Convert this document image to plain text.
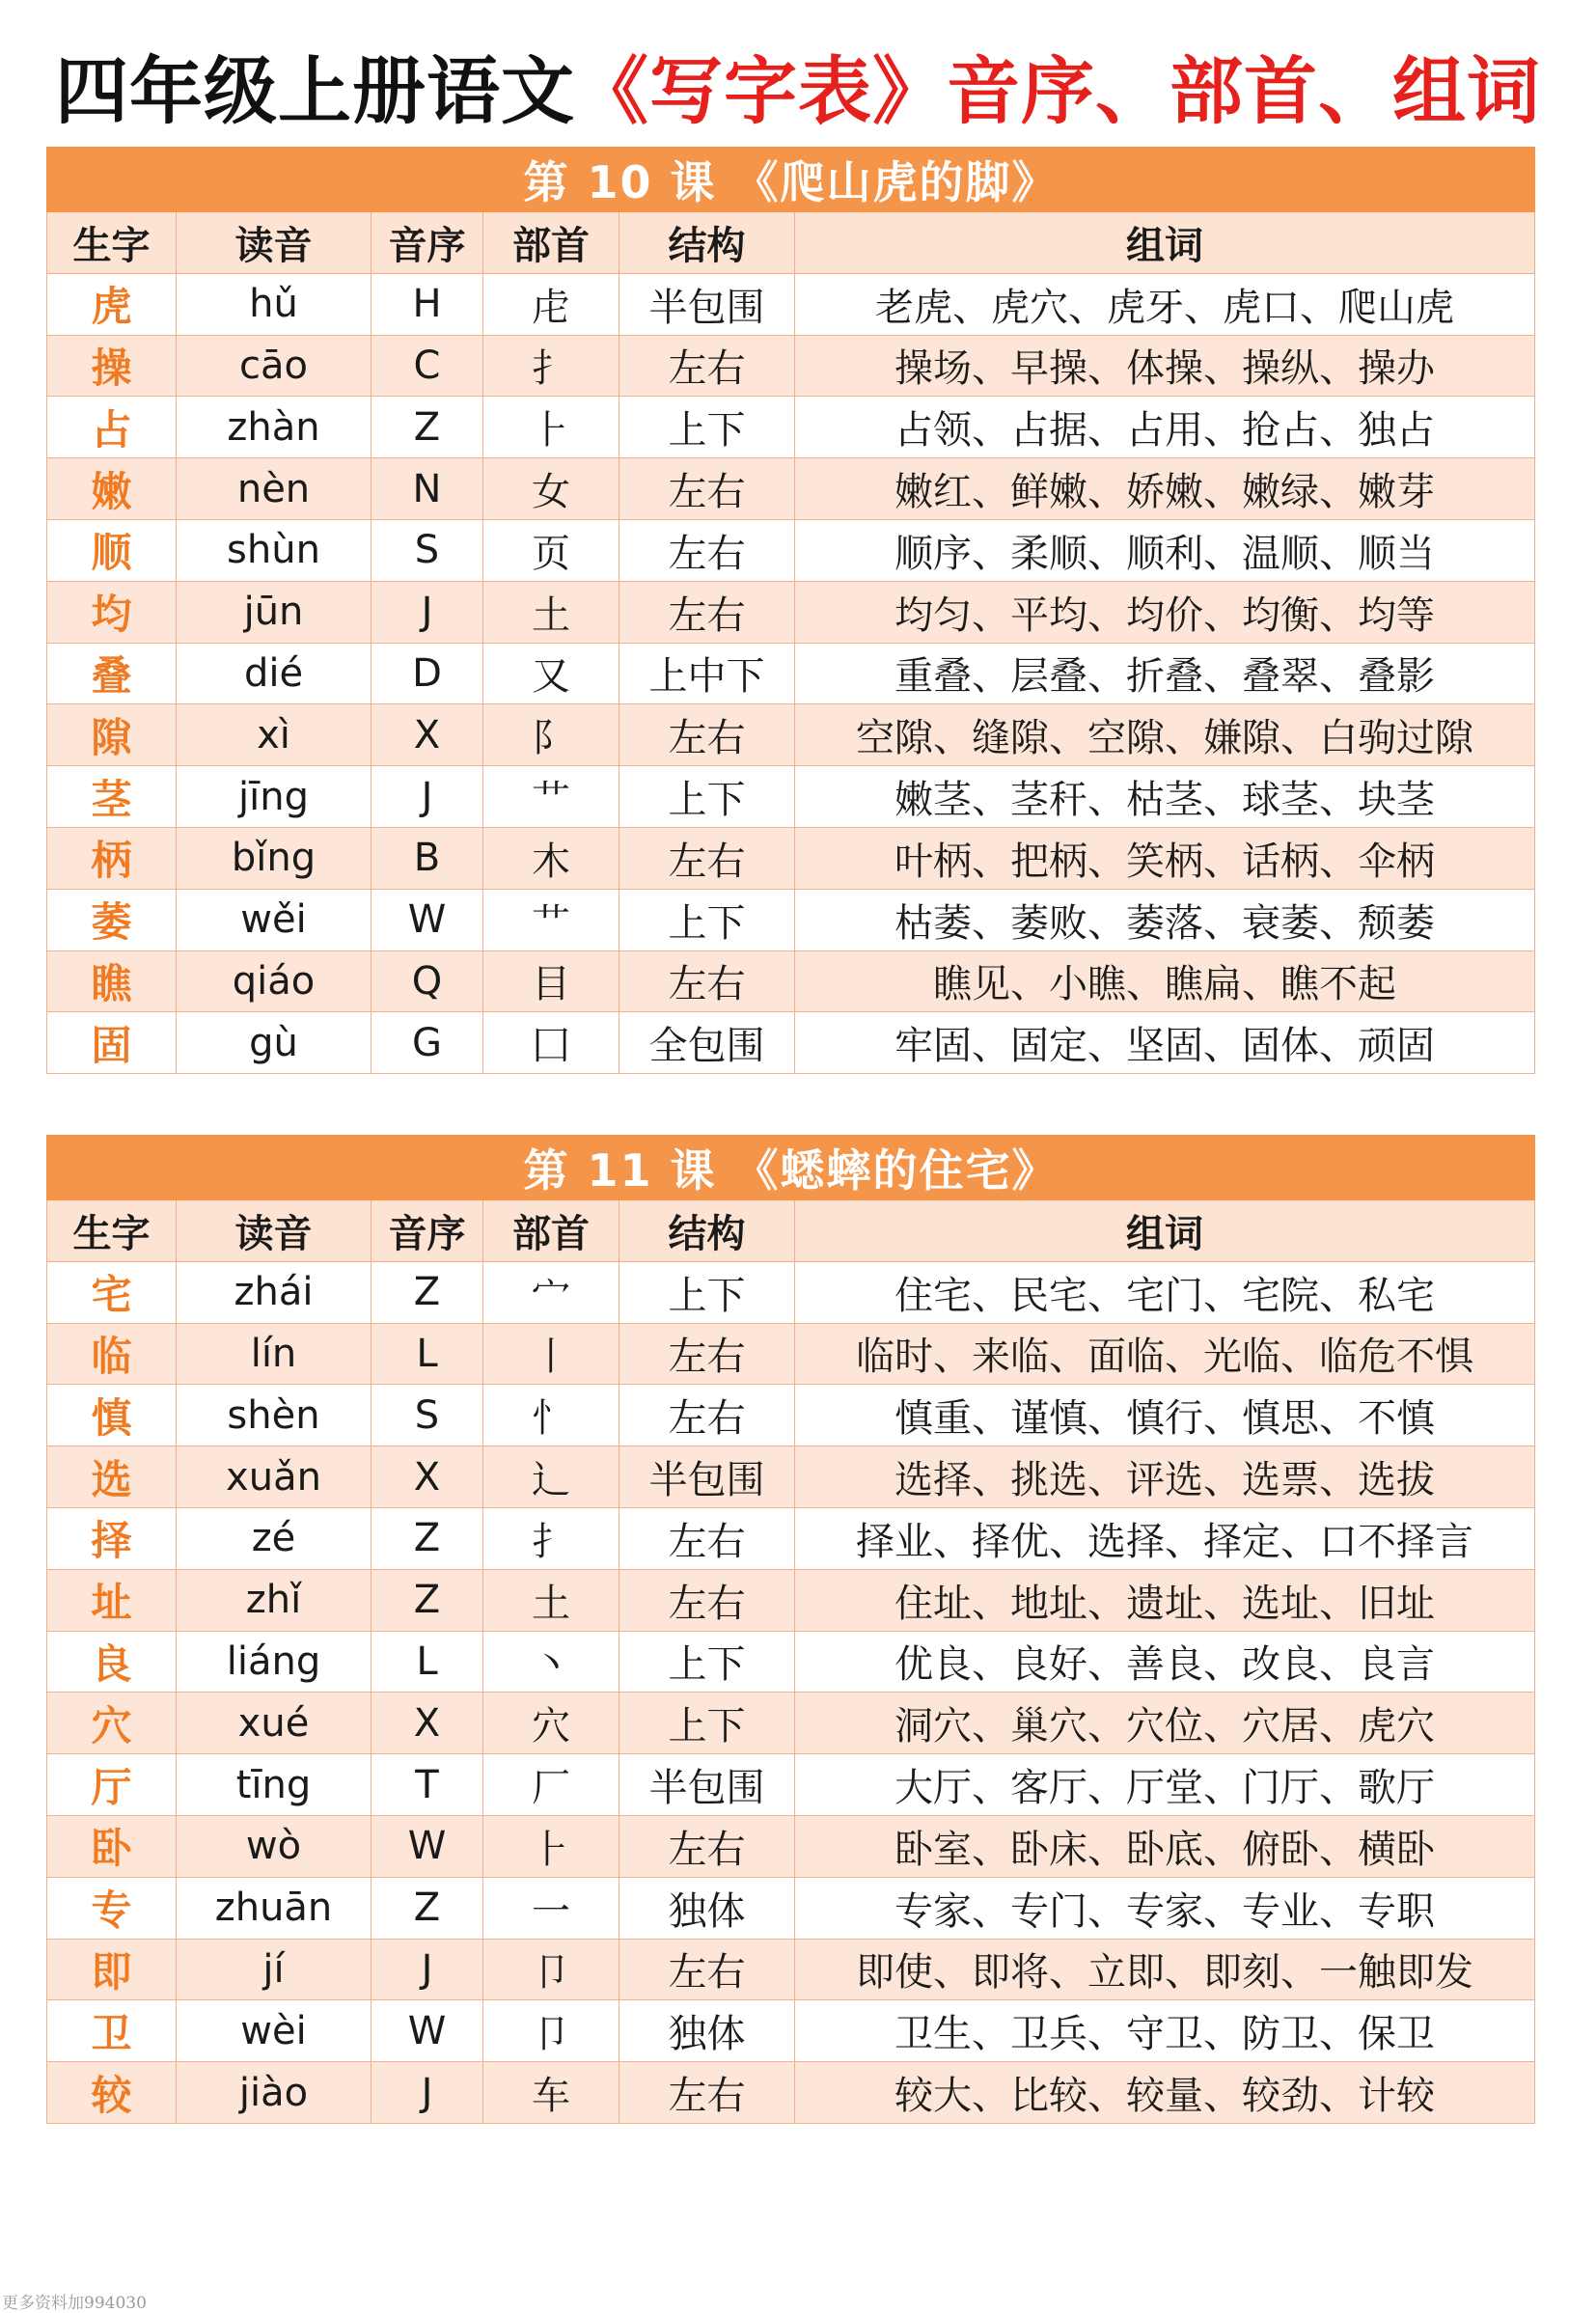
四年级上册语文《写字表》音序、部首、组词
第 10 课 《爬山虎的脚》					
生字	读音	音序	部首	结构	组词
虎	hǔ	H	虍	半包围	老虎、虎穴、虎牙、虎口、爬山虎
操	cāo	C	扌	左右	操场、早操、体操、操纵、操办
占	zhàn	Z	⺊	上下	占领、占据、占用、抢占、独占
嫩	nèn	N	女	左右	嫩红、鲜嫩、娇嫩、嫩绿、嫩芽
顺	shùn	S	页	左右	顺序、柔顺、顺利、温顺、顺当
均	jūn	J	土	左右	均匀、平均、均价、均衡、均等
叠	dié	D	又	上中下	重叠、层叠、折叠、叠翠、叠影
隙	xì	X	阝	左右	空隙、缝隙、空隙、嫌隙、白驹过隙
茎	jīng	J	艹	上下	嫩茎、茎秆、枯茎、球茎、块茎
柄	bǐng	B	木	左右	叶柄、把柄、笑柄、话柄、伞柄
萎	wěi	W	艹	上下	枯萎、萎败、萎落、衰萎、颓萎
瞧	qiáo	Q	目	左右	瞧见、小瞧、瞧扁、瞧不起
固	gù	G	囗	全包围	牢固、固定、坚固、固体、顽固
第 11 课 《蟋蟀的住宅》					
生字	读音	音序	部首	结构	组词
宅	zhái	Z	宀	上下	住宅、民宅、宅门、宅院、私宅
临	lín	L	丨	左右	临时、来临、面临、光临、临危不惧
慎	shèn	S	忄	左右	慎重、谨慎、慎行、慎思、不慎
选	xuǎn	X	辶	半包围	选择、挑选、评选、选票、选拔
择	zé	Z	扌	左右	择业、择优、选择、择定、口不择言
址	zhǐ	Z	土	左右	住址、地址、遗址、选址、旧址
良	liáng	L	丶	上下	优良、良好、善良、改良、良言
穴	xué	X	穴	上下	洞穴、巢穴、穴位、穴居、虎穴
厅	tīng	T	厂	半包围	大厅、客厅、厅堂、门厅、歌厅
卧	wò	W	⺊	左右	卧室、卧床、卧底、俯卧、横卧
专	zhuān	Z	一	独体	专家、专门、专家、专业、专职
即	jí	J	卩	左右	即使、即将、立即、即刻、一触即发
卫	wèi	W	卩	独体	卫生、卫兵、守卫、防卫、保卫
较	jiào	J	车	左右	较大、比较、较量、较劲、计较
更多资料加994030
